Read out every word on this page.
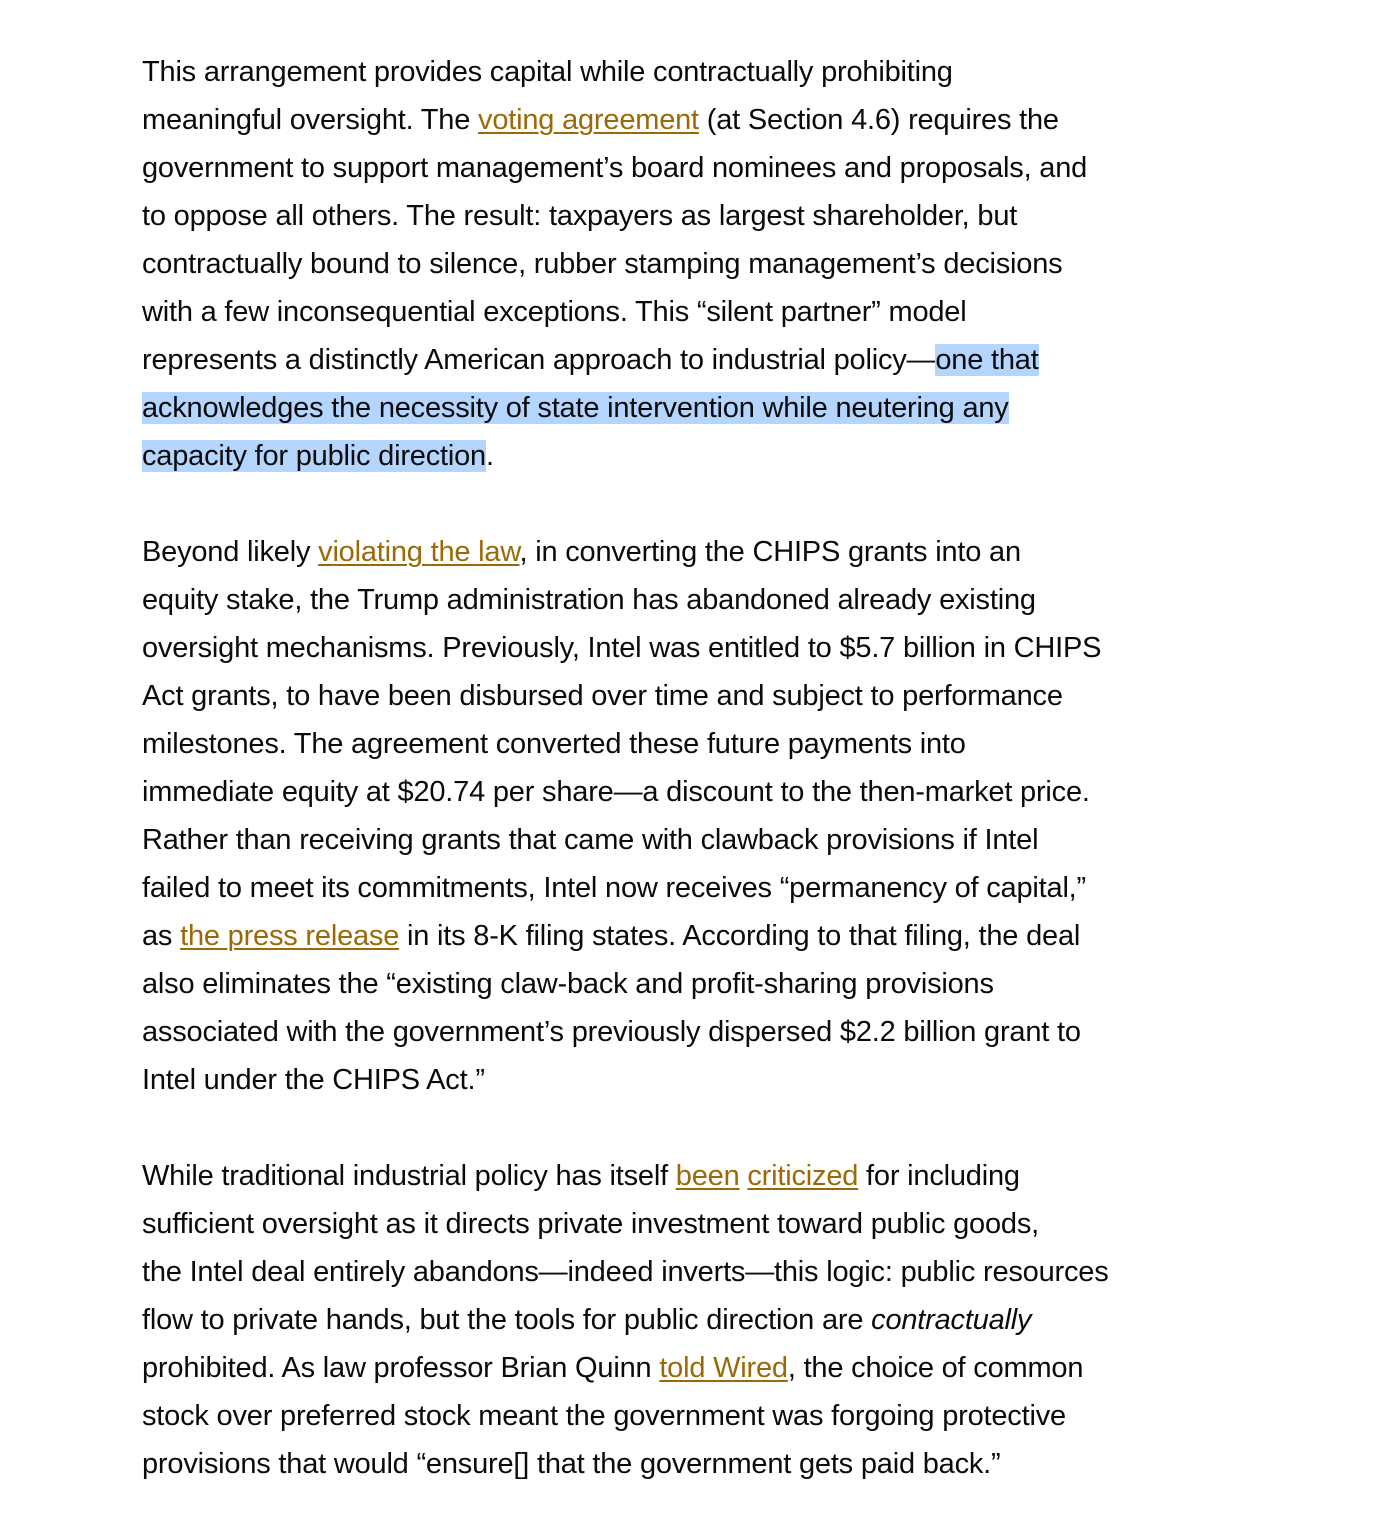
This arrangement provides capital while contractually prohibiting
meaningful oversight. The voting agreement (at Section 4.6) requires the
government to support management’s board nominees and proposals, and
to oppose all others. The result: taxpayers as largest shareholder, but
contractually bound to silence, rubber stamping management’s decisions
with a few inconsequential exceptions. This “silent partner” model
represents a distinctly American approach to industrial policy—one that
acknowledges the necessity of state intervention while neutering any
capacity for public direction.

Beyond likely violating the law, in converting the CHIPS grants into an
equity stake, the Trump administration has abandoned already existing
oversight mechanisms. Previously, Intel was entitled to $5.7 billion in CHIPS
Act grants, to have been disbursed over time and subject to performance
milestones. The agreement converted these future payments into
immediate equity at $20.74 per share—a discount to the then-market price.
Rather than receiving grants that came with clawback provisions if Intel
failed to meet its commitments, Intel now receives “permanency of capital,”
as the press release in its 8-K filing states. According to that filing, the deal
also eliminates the “existing claw-back and profit-sharing provisions
associated with the government’s previously dispersed $2.2 billion grant to
Intel under the CHIPS Act.”

While traditional industrial policy has itself been criticized for including
sufficient oversight as it directs private investment toward public goods,
the Intel deal entirely abandons—indeed inverts—this logic: public resources
flow to private hands, but the tools for public direction are contractually
prohibited. As law professor Brian Quinn told Wired, the choice of common
stock over preferred stock meant the government was forgoing protective
provisions that would “ensure[] that the government gets paid back.”
